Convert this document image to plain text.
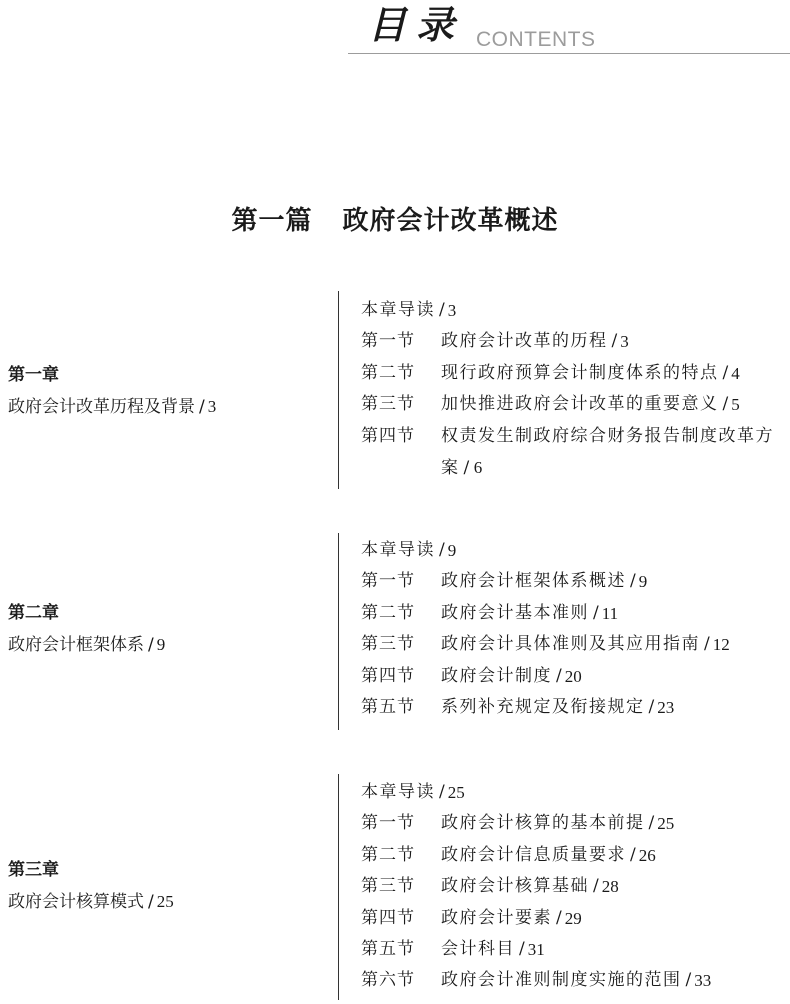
目录 CONTENTS
第一篇 政府会计改革概述
第一章
政府会计改革历程及背景 / 3
本章导读 / 3
第一节	政府会计改革的历程 / 3
第二节	现行政府预算会计制度体系的特点 / 4
第三节	加快推进政府会计改革的重要意义 / 5
第四节	权责发生制政府综合财务报告制度改革方案 / 6
第二章
政府会计框架体系 / 9
本章导读 / 9
第一节	政府会计框架体系概述 / 9
第二节	政府会计基本准则 / 11
第三节	政府会计具体准则及其应用指南 / 12
第四节	政府会计制度 / 20
第五节	系列补充规定及衔接规定 / 23
第三章
政府会计核算模式 / 25
本章导读 / 25
第一节	政府会计核算的基本前提 / 25
第二节	政府会计信息质量要求 / 26
第三节	政府会计核算基础 / 28
第四节	政府会计要素 / 29
第五节	会计科目 / 31
第六节	政府会计准则制度实施的范围 / 33
